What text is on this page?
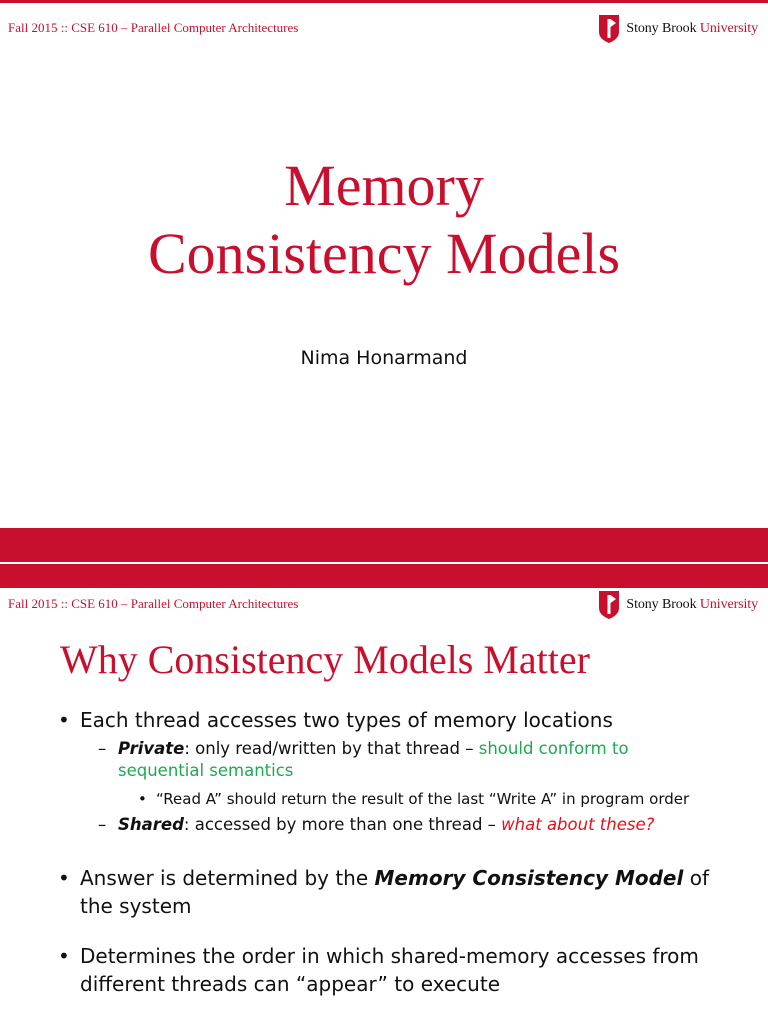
Fall 2015 :: CSE 610 – Parallel Computer Architectures	Stony Brook University
Memory
Consistency Models
Nima Honarmand
Fall 2015 :: CSE 610 – Parallel Computer Architectures	Stony Brook University
Why Consistency Models Matter
• Each thread accesses two types of memory locations
– Private: only read/written by that thread – should conform to sequential semantics
• “Read A” should return the result of the last “Write A” in program order
– Shared: accessed by more than one thread – what about these?
• Answer is determined by the Memory Consistency Model of the system
• Determines the order in which shared-memory accesses from different threads can “appear” to execute
